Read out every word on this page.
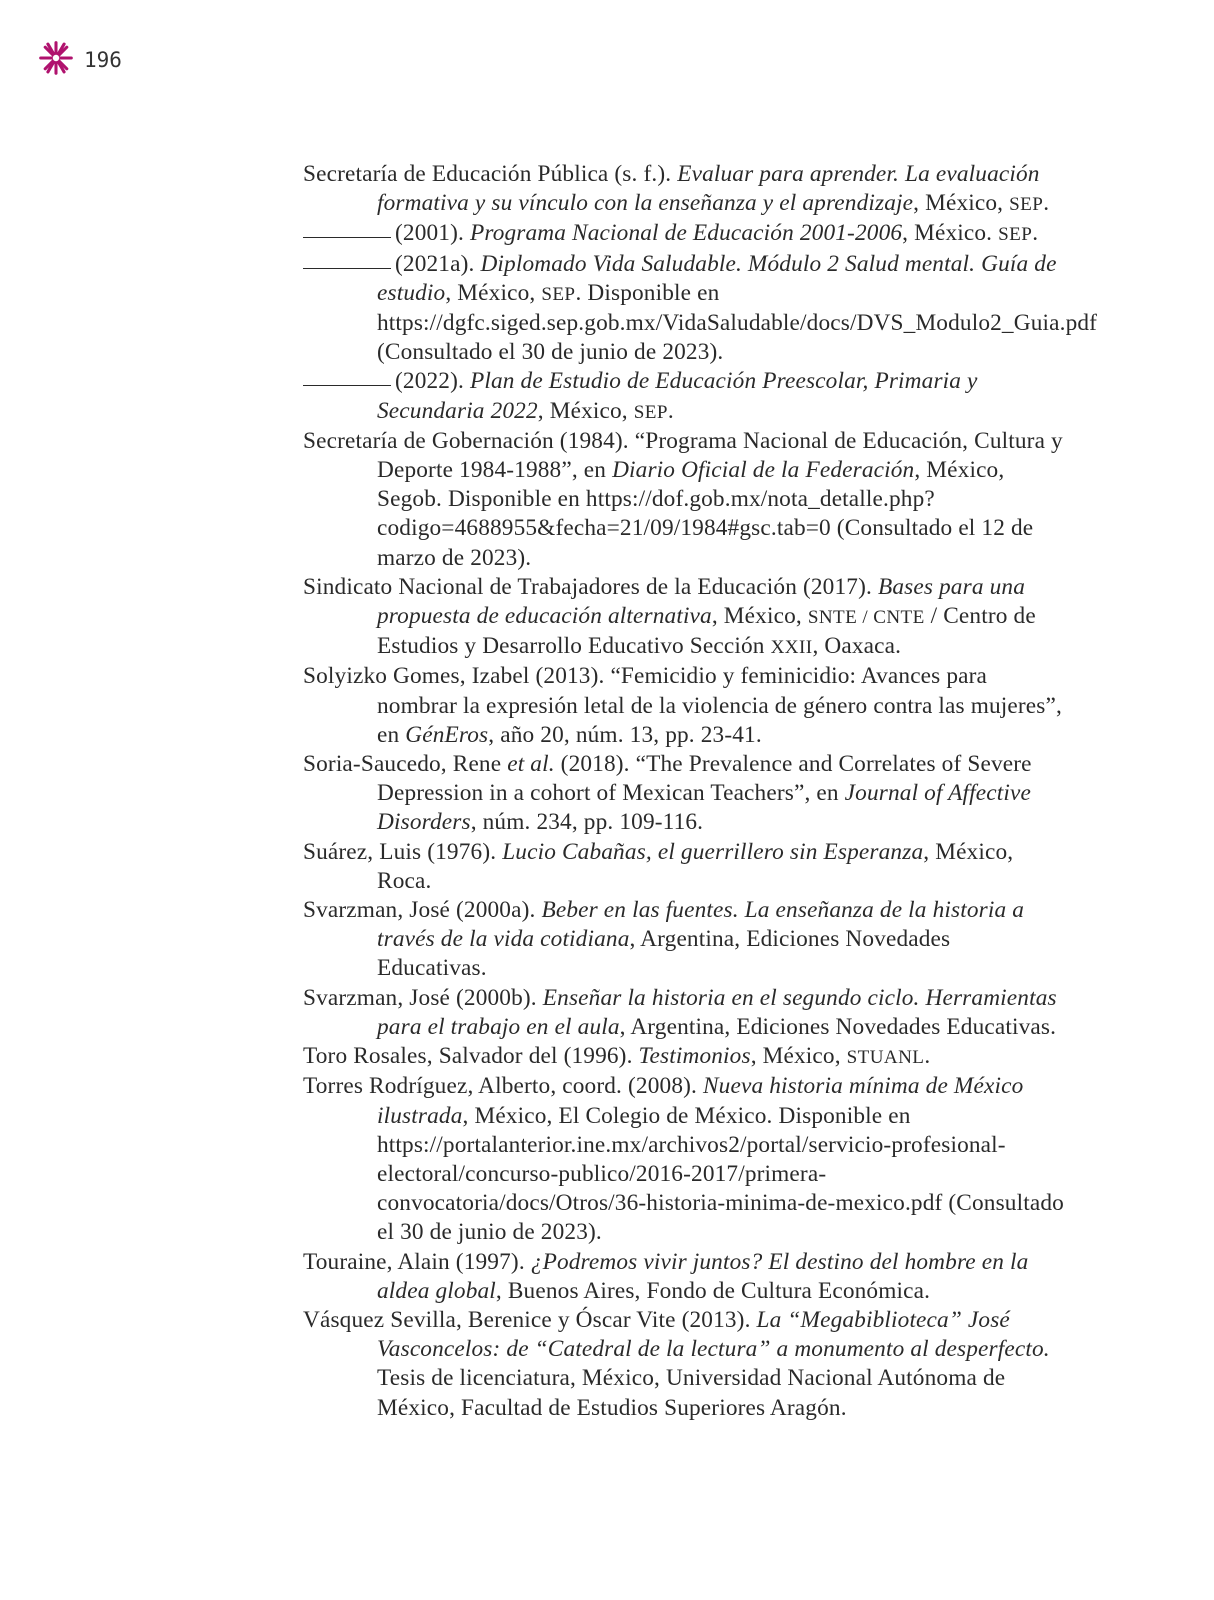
196

Secretaría de Educación Pública (s. f.). Evaluar para aprender. La evaluación formativa y su vínculo con la enseñanza y el aprendizaje, México, SEP.

(2001). Programa Nacional de Educación 2001-2006, México. SEP.

(2021a). Diplomado Vida Saludable. Módulo 2 Salud mental. Guía de estudio, México, SEP. Disponible en https://dgfc.siged.sep.gob.mx/VidaSaludable/docs/DVS_Modulo2_Guia.pdf (Consultado el 30 de junio de 2023).

(2022). Plan de Estudio de Educación Preescolar, Primaria y Secundaria 2022, México, SEP.

Secretaría de Gobernación (1984). “Programa Nacional de Educación, Cultura y Deporte 1984-1988”, en Diario Oficial de la Federación, México, Segob. Disponible en https://dof.gob.mx/nota_detalle.php?codigo=4688955&fecha=21/09/1984#gsc.tab=0 (Consultado el 12 de marzo de 2023).

Sindicato Nacional de Trabajadores de la Educación (2017). Bases para una propuesta de educación alternativa, México, SNTE / CNTE / Centro de Estudios y Desarrollo Educativo Sección XXII, Oaxaca.

Solyizko Gomes, Izabel (2013). “Femicidio y feminicidio: Avances para nombrar la expresión letal de la violencia de género contra las mujeres”, en GénEros, año 20, núm. 13, pp. 23-41.

Soria-Saucedo, Rene et al. (2018). “The Prevalence and Correlates of Severe Depression in a cohort of Mexican Teachers”, en Journal of Affective Disorders, núm. 234, pp. 109-116.

Suárez, Luis (1976). Lucio Cabañas, el guerrillero sin Esperanza, México, Roca.

Svarzman, José (2000a). Beber en las fuentes. La enseñanza de la historia a través de la vida cotidiana, Argentina, Ediciones Novedades Educativas.

Svarzman, José (2000b). Enseñar la historia en el segundo ciclo. Herramientas para el trabajo en el aula, Argentina, Ediciones Novedades Educativas.

Toro Rosales, Salvador del (1996). Testimonios, México, STUANL.

Torres Rodríguez, Alberto, coord. (2008). Nueva historia mínima de México ilustrada, México, El Colegio de México. Disponible en https://portalanterior.ine.mx/archivos2/portal/servicio-profesional-electoral/concurso-publico/2016-2017/primera-convocatoria/docs/Otros/36-historia-minima-de-mexico.pdf (Consultado el 30 de junio de 2023).

Touraine, Alain (1997). ¿Podremos vivir juntos? El destino del hombre en la aldea global, Buenos Aires, Fondo de Cultura Económica.

Vásquez Sevilla, Berenice y Óscar Vite (2013). La “Megabiblioteca” José Vasconcelos: de “Catedral de la lectura” a monumento al desperfecto. Tesis de licenciatura, México, Universidad Nacional Autónoma de México, Facultad de Estudios Superiores Aragón.
